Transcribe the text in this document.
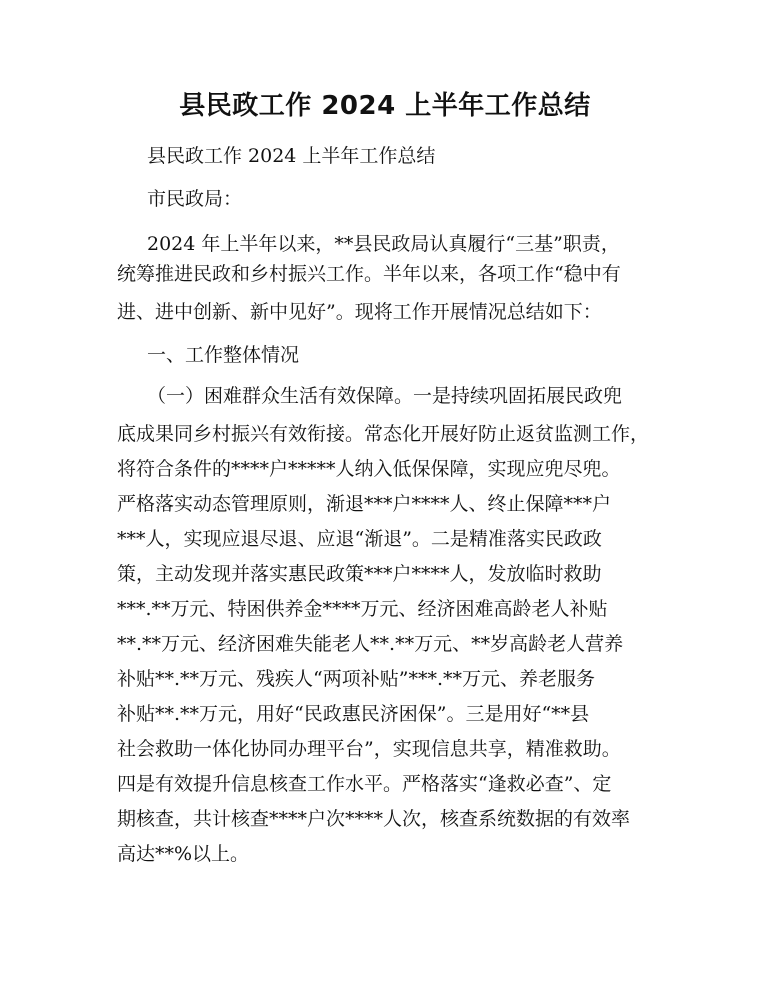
县民政工作 2024 上半年工作总结
县民政工作 2024 上半年工作总结
市民政局：
2024 年上半年以来，**县民政局认真履行“三基”职责，
统筹推进民政和乡村振兴工作。半年以来，各项工作“稳中有
进、进中创新、新中见好”。现将工作开展情况总结如下：
一、工作整体情况
（一）困难群众生活有效保障。一是持续巩固拓展民政兜
底成果同乡村振兴有效衔接。常态化开展好防止返贫监测工作，
将符合条件的****户*****人纳入低保保障，实现应兜尽兜。
严格落实动态管理原则，渐退***户****人、终止保障***户
***人，实现应退尽退、应退“渐退”。二是精准落实民政政
策，主动发现并落实惠民政策***户****人，发放临时救助
***.**万元、特困供养金****万元、经济困难高龄老人补贴
**.**万元、经济困难失能老人**.**万元、**岁高龄老人营养
补贴**.**万元、残疾人“两项补贴”***.**万元、养老服务
补贴**.**万元，用好“民政惠民济困保”。三是用好“**县
社会救助一体化协同办理平台”，实现信息共享，精准救助。
四是有效提升信息核查工作水平。严格落实“逢救必查”、定
期核查，共计核查****户次****人次，核查系统数据的有效率
高达**%以上。
